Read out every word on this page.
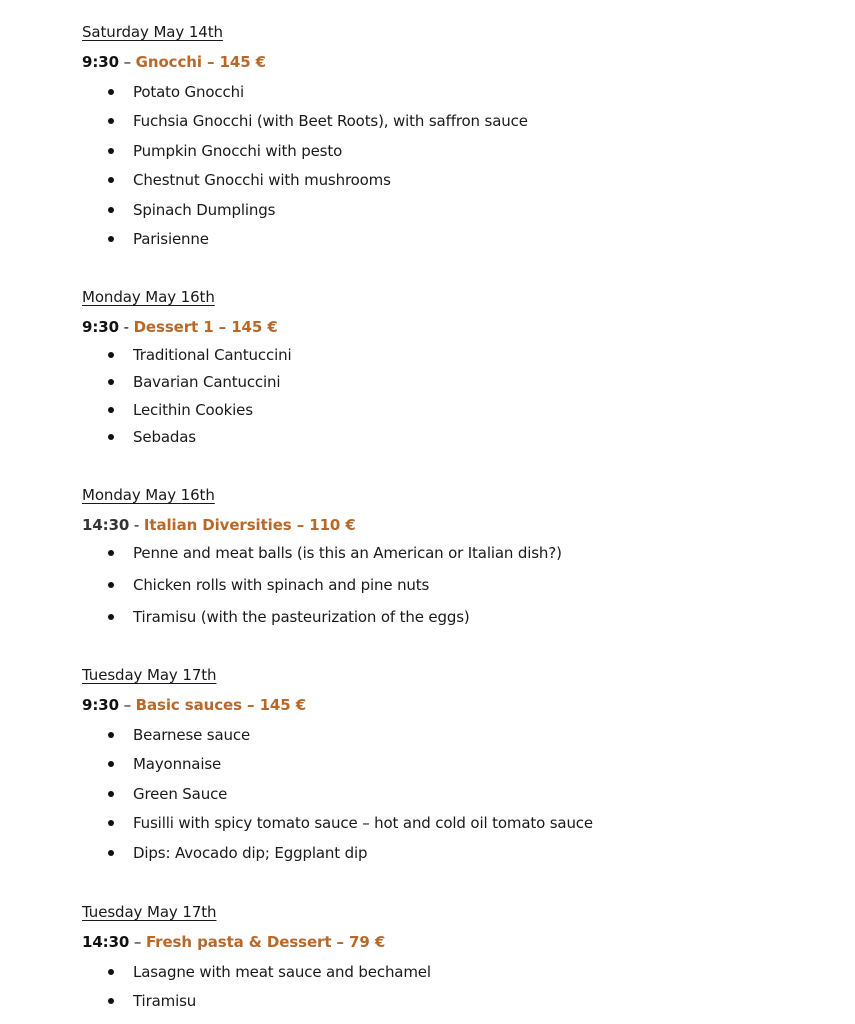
Saturday May 14th
9:30 – Gnocchi – 145 €
Potato Gnocchi
Fuchsia Gnocchi (with Beet Roots), with saffron sauce
Pumpkin Gnocchi with pesto
Chestnut Gnocchi with mushrooms
Spinach Dumplings
Parisienne
Monday May 16th
9:30 - Dessert 1 – 145 €
Traditional Cantuccini
Bavarian Cantuccini
Lecithin Cookies
Sebadas
Monday May 16th
14:30 - Italian Diversities – 110 €
Penne and meat balls (is this an American or Italian dish?)
Chicken rolls with spinach and pine nuts
Tiramisu (with the pasteurization of the eggs)
Tuesday May 17th
9:30 – Basic sauces – 145 €
Bearnese sauce
Mayonnaise
Green Sauce
Fusilli with spicy tomato sauce – hot and cold oil tomato sauce
Dips: Avocado dip; Eggplant dip
Tuesday May 17th
14:30 – Fresh pasta & Dessert – 79 €
Lasagne with meat sauce and bechamel
Tiramisu
